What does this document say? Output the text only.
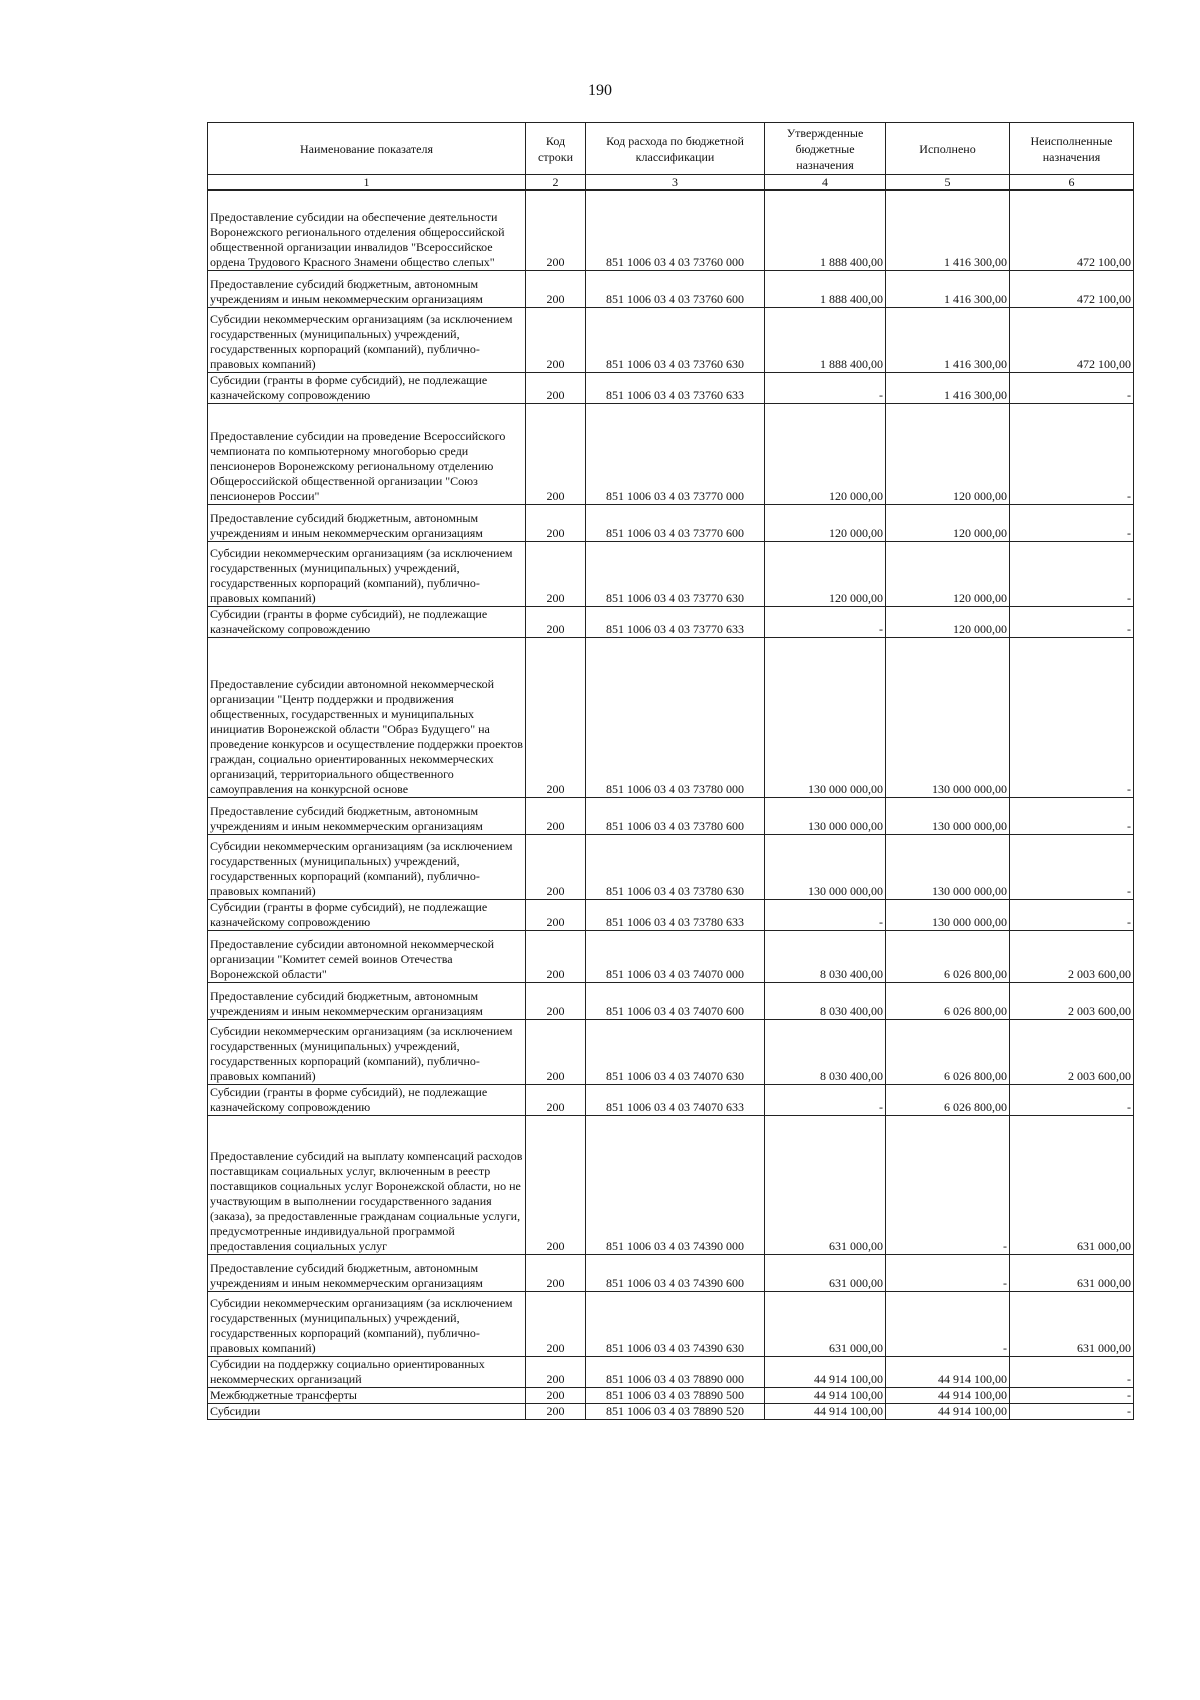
190
Наименование показателя	Код строки	Код расхода по бюджетной классификации	Утвержденные бюджетные назначения	Исполнено	Неисполненные назначения
1	2	3	4	5	6
Предоставление субсидии на обеспечение деятельности Воронежского регионального отделения общероссийской общественной организации инвалидов "Всероссийское ордена Трудового Красного Знамени общество слепых"	200	851 1006 03 4 03 73760 000	1 888 400,00	1 416 300,00	472 100,00
Предоставление субсидий бюджетным, автономным учреждениям и иным некоммерческим организациям	200	851 1006 03 4 03 73760 600	1 888 400,00	1 416 300,00	472 100,00
Субсидии некоммерческим организациям (за исключением государственных (муниципальных) учреждений, государственных корпораций (компаний), публично-правовых компаний)	200	851 1006 03 4 03 73760 630	1 888 400,00	1 416 300,00	472 100,00
Субсидии (гранты в форме субсидий), не подлежащие казначейскому сопровождению	200	851 1006 03 4 03 73760 633	-	1 416 300,00	-
Предоставление субсидии на проведение Всероссийского чемпионата по компьютерному многоборью среди пенсионеров Воронежскому региональному отделению Общероссийской общественной организации "Союз пенсионеров России"	200	851 1006 03 4 03 73770 000	120 000,00	120 000,00	-
Предоставление субсидий бюджетным, автономным учреждениям и иным некоммерческим организациям	200	851 1006 03 4 03 73770 600	120 000,00	120 000,00	-
Субсидии некоммерческим организациям (за исключением государственных (муниципальных) учреждений, государственных корпораций (компаний), публично-правовых компаний)	200	851 1006 03 4 03 73770 630	120 000,00	120 000,00	-
Субсидии (гранты в форме субсидий), не подлежащие казначейскому сопровождению	200	851 1006 03 4 03 73770 633	-	120 000,00	-
Предоставление субсидии автономной некоммерческой организации "Центр поддержки и продвижения общественных, государственных и муниципальных инициатив Воронежской области "Образ Будущего" на проведение конкурсов и осуществление поддержки проектов граждан, социально ориентированных некоммерческих организаций, территориального общественного самоуправления на конкурсной основе	200	851 1006 03 4 03 73780 000	130 000 000,00	130 000 000,00	-
Предоставление субсидий бюджетным, автономным учреждениям и иным некоммерческим организациям	200	851 1006 03 4 03 73780 600	130 000 000,00	130 000 000,00	-
Субсидии некоммерческим организациям (за исключением государственных (муниципальных) учреждений, государственных корпораций (компаний), публично-правовых компаний)	200	851 1006 03 4 03 73780 630	130 000 000,00	130 000 000,00	-
Субсидии (гранты в форме субсидий), не подлежащие казначейскому сопровождению	200	851 1006 03 4 03 73780 633	-	130 000 000,00	-
Предоставление субсидии автономной некоммерческой организации "Комитет семей воинов Отечества Воронежской области"	200	851 1006 03 4 03 74070 000	8 030 400,00	6 026 800,00	2 003 600,00
Предоставление субсидий бюджетным, автономным учреждениям и иным некоммерческим организациям	200	851 1006 03 4 03 74070 600	8 030 400,00	6 026 800,00	2 003 600,00
Субсидии некоммерческим организациям (за исключением государственных (муниципальных) учреждений, государственных корпораций (компаний), публично-правовых компаний)	200	851 1006 03 4 03 74070 630	8 030 400,00	6 026 800,00	2 003 600,00
Субсидии (гранты в форме субсидий), не подлежащие казначейскому сопровождению	200	851 1006 03 4 03 74070 633	-	6 026 800,00	-
Предоставление субсидий на выплату компенсаций расходов поставщикам социальных услуг, включенным в реестр поставщиков социальных услуг Воронежской области, но не участвующим в выполнении государственного задания (заказа), за предоставленные гражданам социальные услуги, предусмотренные индивидуальной программой предоставления социальных услуг	200	851 1006 03 4 03 74390 000	631 000,00	-	631 000,00
Предоставление субсидий бюджетным, автономным учреждениям и иным некоммерческим организациям	200	851 1006 03 4 03 74390 600	631 000,00	-	631 000,00
Субсидии некоммерческим организациям (за исключением государственных (муниципальных) учреждений, государственных корпораций (компаний), публично-правовых компаний)	200	851 1006 03 4 03 74390 630	631 000,00	-	631 000,00
Субсидии на поддержку социально ориентированных некоммерческих организаций	200	851 1006 03 4 03 78890 000	44 914 100,00	44 914 100,00	-
Межбюджетные трансферты	200	851 1006 03 4 03 78890 500	44 914 100,00	44 914 100,00	-
Субсидии	200	851 1006 03 4 03 78890 520	44 914 100,00	44 914 100,00	-
